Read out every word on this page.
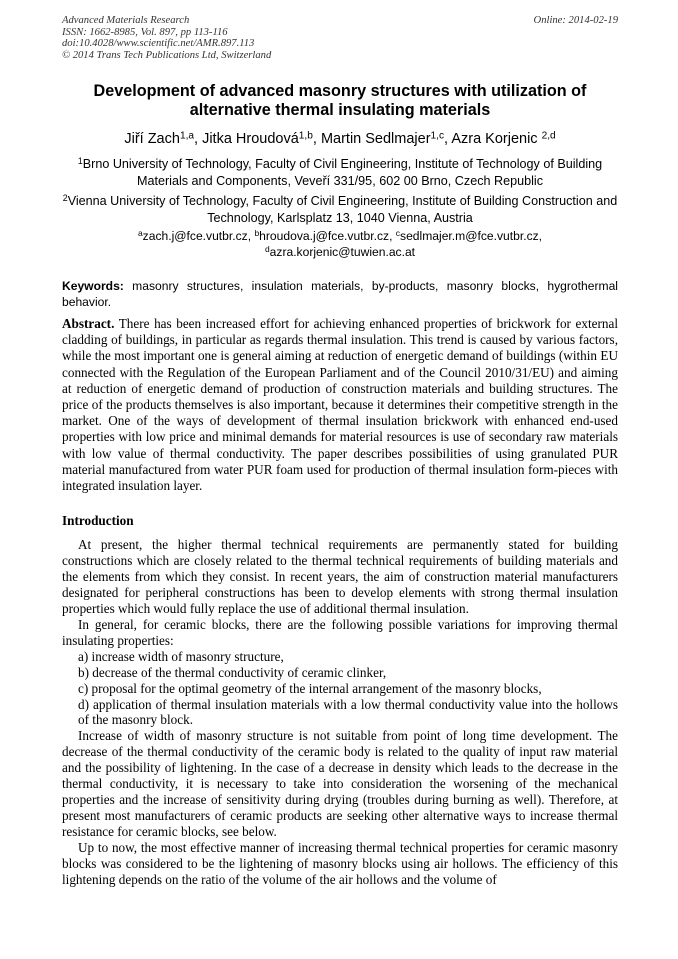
Advanced Materials Research
ISSN: 1662-8985, Vol. 897, pp 113-116
doi:10.4028/www.scientific.net/AMR.897.113
© 2014 Trans Tech Publications Ltd, Switzerland
Online: 2014-02-19
Development of advanced masonry structures with utilization of alternative thermal insulating materials
Jiří Zach$^{1,a}$, Jitka Hroudová$^{1,b}$, Martin Sedlmajer$^{1,c}$, Azra Korjenic $^{2,d}$
$^1$Brno University of Technology, Faculty of Civil Engineering, Institute of Technology of Building Materials and Components, Veveří 331/95, 602 00 Brno, Czech Republic
$^2$Vienna University of Technology, Faculty of Civil Engineering, Institute of Building Construction and Technology, Karlsplatz 13, 1040 Vienna, Austria
$^a$zach.j@fce.vutbr.cz, $^b$hroudova.j@fce.vutbr.cz, $^c$sedlmajer.m@fce.vutbr.cz,
$^d$azra.korjenic@tuwien.ac.at
Keywords: masonry structures, insulation materials, by-products, masonry blocks, hygrothermal behavior.
Abstract. There has been increased effort for achieving enhanced properties of brickwork for external cladding of buildings, in particular as regards thermal insulation. This trend is caused by various factors, while the most important one is general aiming at reduction of energetic demand of buildings (within EU connected with the Regulation of the European Parliament and of the Council 2010/31/EU) and aiming at reduction of energetic demand of production of construction materials and building structures. The price of the products themselves is also important, because it determines their competitive strength in the market. One of the ways of development of thermal insulation brickwork with enhanced end-used properties with low price and minimal demands for material resources is use of secondary raw materials with low value of thermal conductivity. The paper describes possibilities of using granulated PUR material manufactured from water PUR foam used for production of thermal insulation form-pieces with integrated insulation layer.
Introduction

At present, the higher thermal technical requirements are permanently stated for building constructions which are closely related to the thermal technical requirements of building materials and the elements from which they consist. In recent years, the aim of construction material manufacturers designated for peripheral constructions has been to develop elements with strong thermal insulation properties which would fully replace the use of additional thermal insulation.

In general, for ceramic blocks, there are the following possible variations for improving thermal insulating properties:

a) increase width of masonry structure,

b) decrease of the thermal conductivity of ceramic clinker,

c) proposal for the optimal geometry of the internal arrangement of the masonry blocks,

d) application of thermal insulation materials with a low thermal conductivity value into the hollows of the masonry block.

Increase of width of masonry structure is not suitable from point of long time development. The decrease of the thermal conductivity of the ceramic body is related to the quality of input raw material and the possibility of lightening. In the case of a decrease in density which leads to the decrease in the thermal conductivity, it is necessary to take into consideration the worsening of the mechanical properties and the increase of sensitivity during drying (troubles during burning as well). Therefore, at present most manufacturers of ceramic products are seeking other alternative ways to increase thermal resistance for ceramic blocks, see below.

Up to now, the most effective manner of increasing thermal technical properties for ceramic masonry blocks was considered to be the lightening of masonry blocks using air hollows. The efficiency of this lightening depends on the ratio of the volume of the air hollows and the volume of
